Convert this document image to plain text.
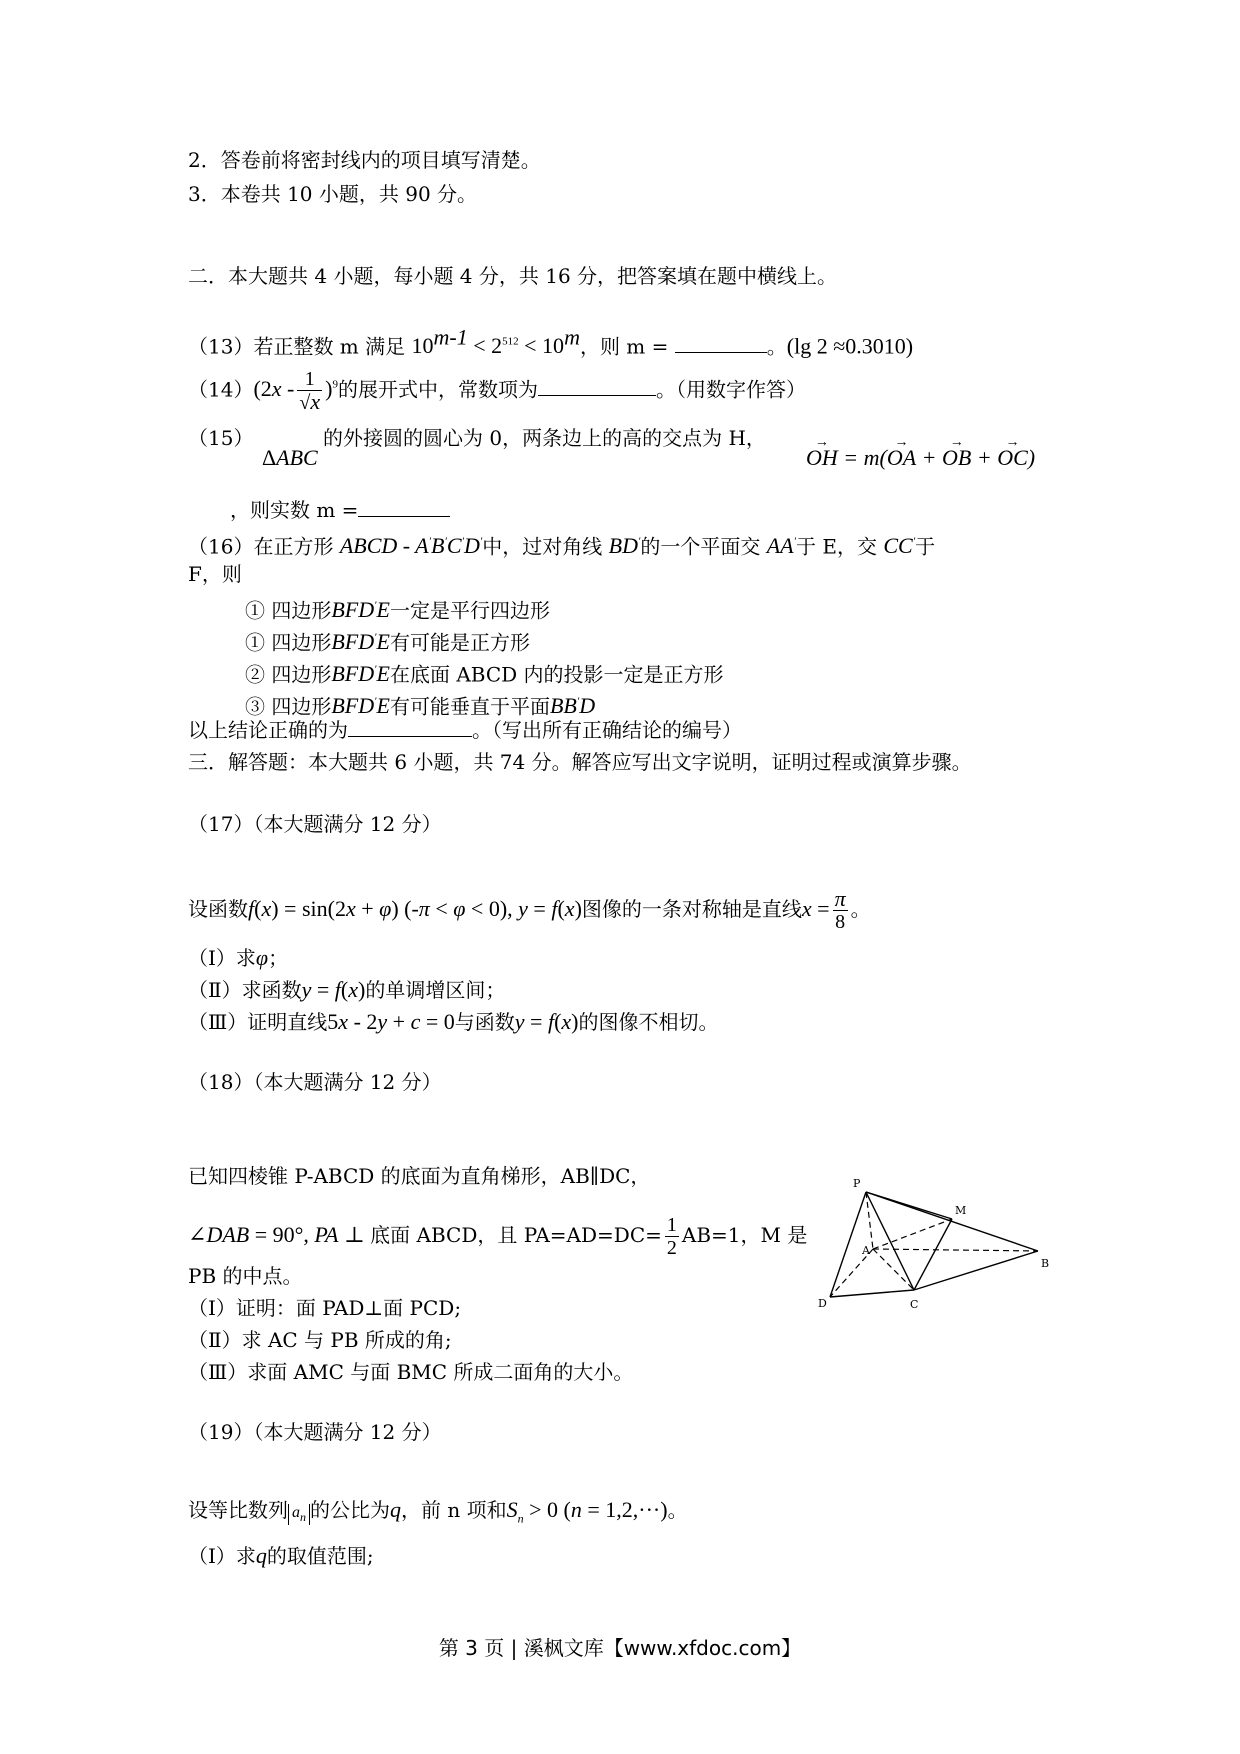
2．答卷前将密封线内的项目填写清楚。
3．本卷共 10 小题，共 90 分。
二．本大题共 4 小题，每小题 4 分，共 16 分，把答案填在题中横线上。
（13）若正整数 m 满足 $10^{m-1} < 2^{512} < 10^m$，则 m =	。(lg 2 ≈0.3010)
$(14)(2x - \frac{1}{√x} )^9$的展开式中，常数项为	。（用数字作答）
（15）
ΔABC
的外接圆的圆心为 0，两条边上的高的交点为 H，
→ OH = m(→ OA + → OB + → OC)
，则实数 m =
（16）在正方形 ABCD - A′B′C′D′中，过对角线 BD′的一个平面交 AA′于 E，交 CC′于
F，则
① 四边形BFD′E一定是平行四边形
① 四边形BFD′E有可能是正方形
② 四边形BFD′E在底面 ABCD 内的投影一定是正方形
③ 四边形BFD′E有可能垂直于平面BB′D
以上结论正确的为	。（写出所有正确结论的编号）
三．解答题：本大题共 6 小题，共 74 分。解答应写出文字说明，证明过程或演算步骤。
（17）（本大题满分 12 分）
设函数f(x) = sin(2x + φ) (-π < φ < 0), y = f(x)图像的一条对称轴是直线$x = \frac{\pi}{8}$ 。
（Ⅰ）求φ；
（Ⅱ）求函数y = f(x)的单调增区间；
（Ⅲ）证明直线5x - 2y + c = 0与函数y = f(x)的图像不相切。
（18）（本大题满分 12 分）
已知四棱锥 P-ABCD 的底面为直角梯形，AB∥DC，
∠DAB = 90°, PA ⊥ 底面 ABCD，且 $PA=AD=DC= \frac{1}{2} AB=1$，M 是
PB 的中点。
（Ⅰ）证明：面 PAD⊥面 PCD;
（Ⅱ）求 AC 与 PB 所成的角;
（Ⅲ）求面 AMC 与面 BMC 所成二面角的大小。
P
M
A
B
C
D
（19）（本大题满分 12 分）
设等比数列 $a_n$ 的公比为q，前 n 项和$S_n > 0$ (n = 1,2,···)。
（Ⅰ）求q的取值范围;
第 3 页 | 溪枫文库【www.xfdoc.com】
